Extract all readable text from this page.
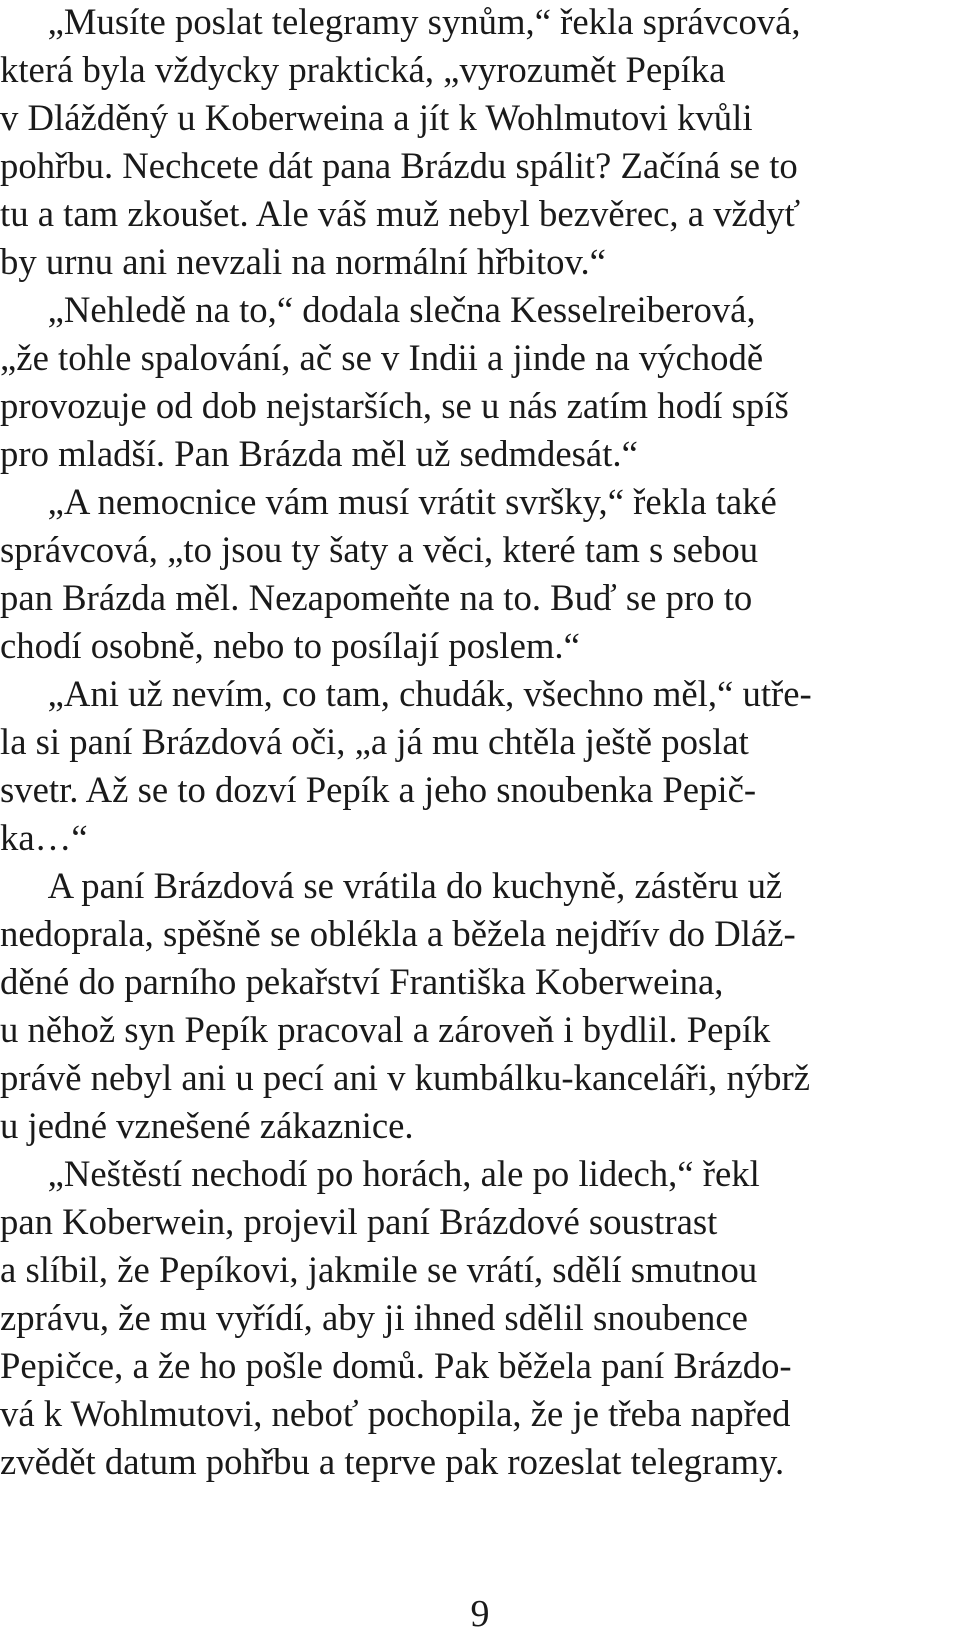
„Musíte poslat telegramy synům,“ řekla správcová,
která byla vždycky praktická, „vyrozumět Pepíka
v Dlážděný u Koberweina a jít k Wohlmutovi kvůli
pohřbu. Nechcete dát pana Brázdu spálit? Začíná se to
tu a tam zkoušet. Ale váš muž nebyl bezvěrec, a vždyť
by urnu ani nevzali na normální hřbitov.“
„Nehledě na to,“ dodala slečna Kesselreiberová,
„že tohle spalování, ač se v Indii a jinde na východě
provozuje od dob nejstarších, se u nás zatím hodí spíš
pro mladší. Pan Brázda měl už sedmdesát.“
„A nemocnice vám musí vrátit svršky,“ řekla také
správcová, „to jsou ty šaty a věci, které tam s sebou
pan Brázda měl. Nezapomeňte na to. Buď se pro to
chodí osobně, nebo to posílají poslem.“
„Ani už nevím, co tam, chudák, všechno měl,“ utře-
la si paní Brázdová oči, „a já mu chtěla ještě poslat
svetr. Až se to dozví Pepík a jeho snoubenka Pepič-
ka…“
A paní Brázdová se vrátila do kuchyně, zástěru už
nedoprala, spěšně se oblékla a běžela nejdřív do Dláž-
děné do parního pekařství Františka Koberweina,
u něhož syn Pepík pracoval a zároveň i bydlil. Pepík
právě nebyl ani u pecí ani v kumbálku-kanceláři, nýbrž
u jedné vznešené zákaznice.
„Neštěstí nechodí po horách, ale po lidech,“ řekl
pan Koberwein, projevil paní Brázdové soustrast
a slíbil, že Pepíkovi, jakmile se vrátí, sdělí smutnou
zprávu, že mu vyřídí, aby ji ihned sdělil snoubence
Pepičce, a že ho pošle domů. Pak běžela paní Brázdo-
vá k Wohlmutovi, neboť pochopila, že je třeba napřed
zvědět datum pohřbu a teprve pak rozeslat telegramy.
9
